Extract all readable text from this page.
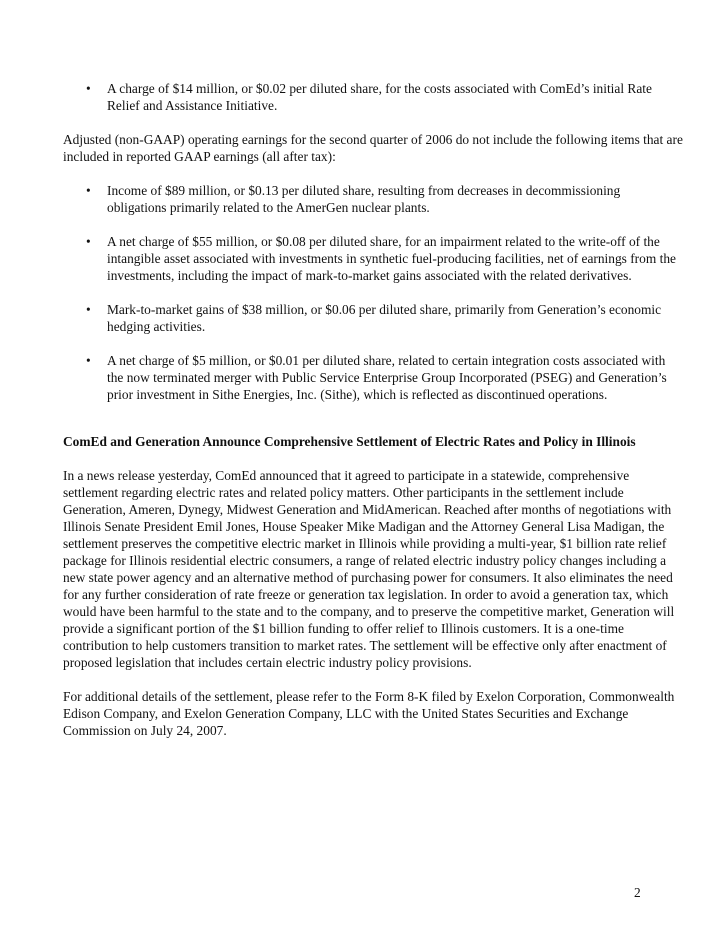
• A charge of $14 million, or $0.02 per diluted share, for the costs associated with ComEd’s initial Rate Relief and Assistance Initiative.

Adjusted (non-GAAP) operating earnings for the second quarter of 2006 do not include the following items that are included in reported GAAP earnings (all after tax):

• Income of $89 million, or $0.13 per diluted share, resulting from decreases in decommissioning obligations primarily related to the AmerGen nuclear plants.
• A net charge of $55 million, or $0.08 per diluted share, for an impairment related to the write-off of the intangible asset associated with investments in synthetic fuel-producing facilities, net of earnings from the investments, including the impact of mark-to-market gains associated with the related derivatives.
• Mark-to-market gains of $38 million, or $0.06 per diluted share, primarily from Generation’s economic hedging activities.
• A net charge of $5 million, or $0.01 per diluted share, related to certain integration costs associated with the now terminated merger with Public Service Enterprise Group Incorporated (PSEG) and Generation’s prior investment in Sithe Energies, Inc. (Sithe), which is reflected as discontinued operations.
ComEd and Generation Announce Comprehensive Settlement of Electric Rates and Policy in Illinois

In a news release yesterday, ComEd announced that it agreed to participate in a statewide, comprehensive settlement regarding electric rates and related policy matters. Other participants in the settlement include Generation, Ameren, Dynegy, Midwest Generation and MidAmerican. Reached after months of negotiations with Illinois Senate President Emil Jones, House Speaker Mike Madigan and the Attorney General Lisa Madigan, the settlement preserves the competitive electric market in Illinois while providing a multi-year, $1 billion rate relief package for Illinois residential electric consumers, a range of related electric industry policy changes including a new state power agency and an alternative method of purchasing power for consumers. It also eliminates the need for any further consideration of rate freeze or generation tax legislation. In order to avoid a generation tax, which would have been harmful to the state and to the company, and to preserve the competitive market, Generation will provide a significant portion of the $1 billion funding to offer relief to Illinois customers. It is a one-time contribution to help customers transition to market rates. The settlement will be effective only after enactment of proposed legislation that includes certain electric industry policy provisions.

For additional details of the settlement, please refer to the Form 8-K filed by Exelon Corporation, Commonwealth Edison Company, and Exelon Generation Company, LLC with the United States Securities and Exchange Commission on July 24, 2007.

2
